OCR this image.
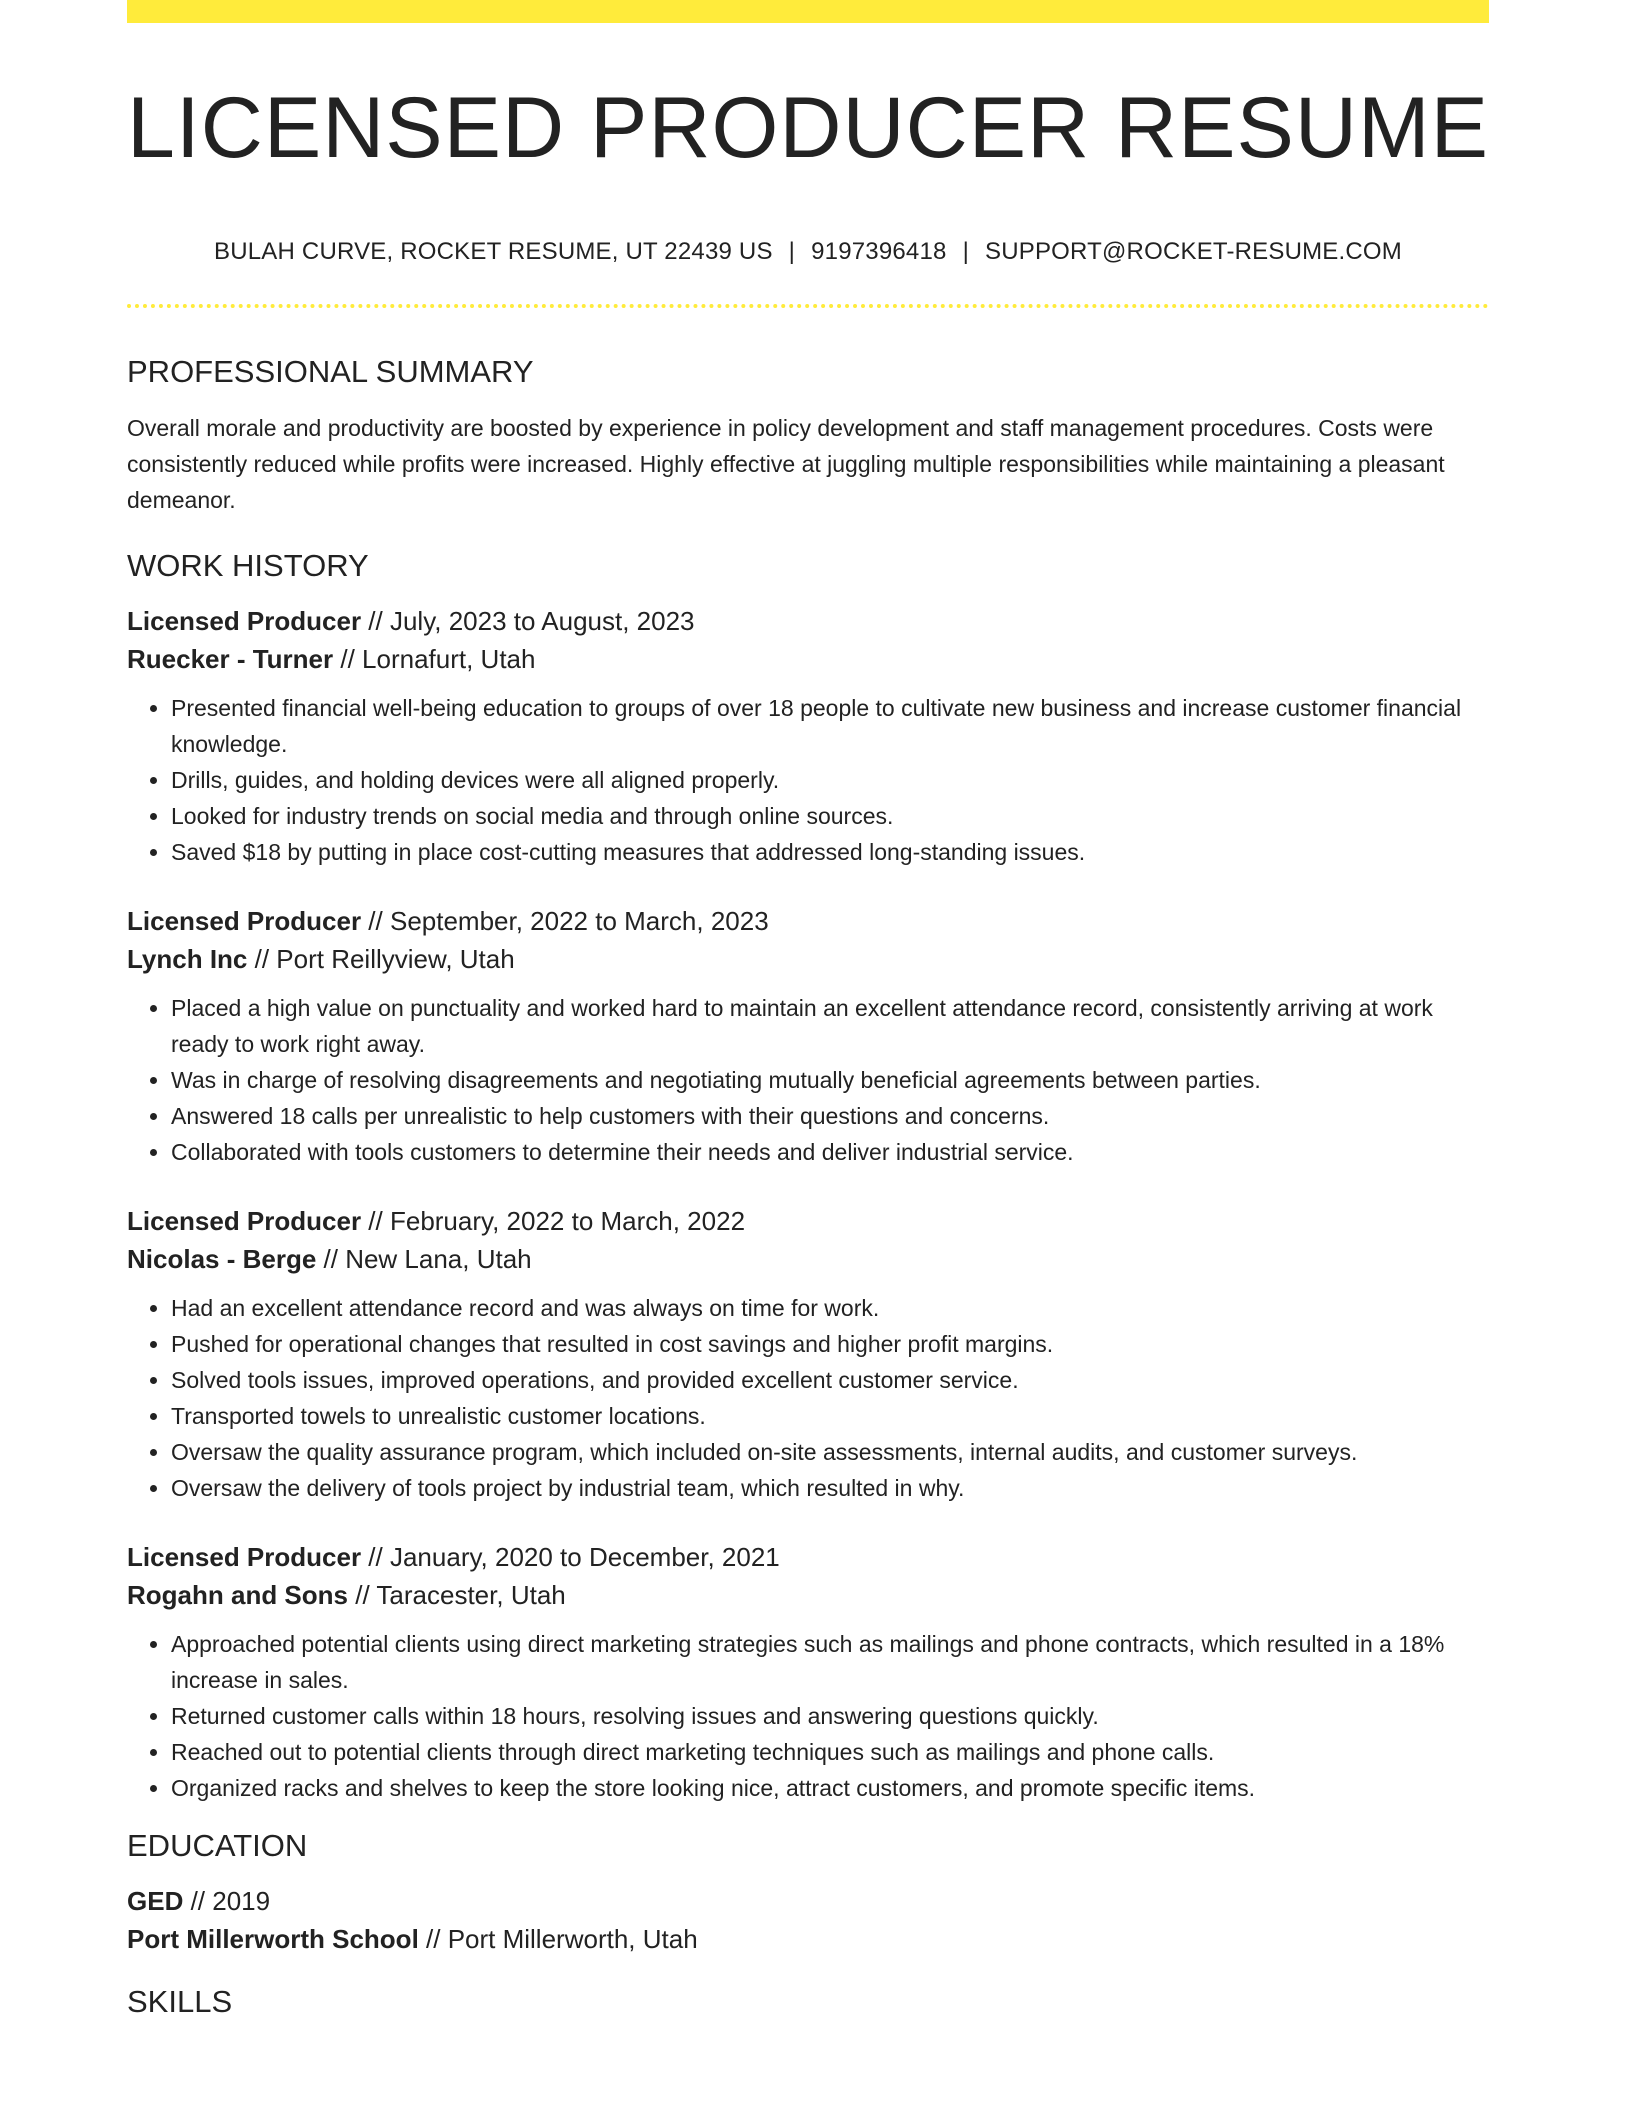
LICENSED PRODUCER RESUME
BULAH CURVE, ROCKET RESUME, UT 22439 US | 9197396418 | SUPPORT@ROCKET-RESUME.COM
PROFESSIONAL SUMMARY

Overall morale and productivity are boosted by experience in policy development and staff management procedures. Costs were consistently reduced while profits were increased. Highly effective at juggling multiple responsibilities while maintaining a pleasant demeanor.

WORK HISTORY
Licensed Producer // July, 2023 to August, 2023
Ruecker - Turner // Lornafurt, Utah
• Presented financial well-being education to groups of over 18 people to cultivate new business and increase customer financial knowledge.
• Drills, guides, and holding devices were all aligned properly.
• Looked for industry trends on social media and through online sources.
• Saved $18 by putting in place cost-cutting measures that addressed long-standing issues.
Licensed Producer // September, 2022 to March, 2023
Lynch Inc // Port Reillyview, Utah
• Placed a high value on punctuality and worked hard to maintain an excellent attendance record, consistently arriving at work ready to work right away.
• Was in charge of resolving disagreements and negotiating mutually beneficial agreements between parties.
• Answered 18 calls per unrealistic to help customers with their questions and concerns.
• Collaborated with tools customers to determine their needs and deliver industrial service.
Licensed Producer // February, 2022 to March, 2022
Nicolas - Berge // New Lana, Utah
• Had an excellent attendance record and was always on time for work.
• Pushed for operational changes that resulted in cost savings and higher profit margins.
• Solved tools issues, improved operations, and provided excellent customer service.
• Transported towels to unrealistic customer locations.
• Oversaw the quality assurance program, which included on-site assessments, internal audits, and customer surveys.
• Oversaw the delivery of tools project by industrial team, which resulted in why.
Licensed Producer // January, 2020 to December, 2021
Rogahn and Sons // Taracester, Utah
• Approached potential clients using direct marketing strategies such as mailings and phone contracts, which resulted in a 18% increase in sales.
• Returned customer calls within 18 hours, resolving issues and answering questions quickly.
• Reached out to potential clients through direct marketing techniques such as mailings and phone calls.
• Organized racks and shelves to keep the store looking nice, attract customers, and promote specific items.
EDUCATION
GED // 2019
Port Millerworth School // Port Millerworth, Utah
SKILLS
